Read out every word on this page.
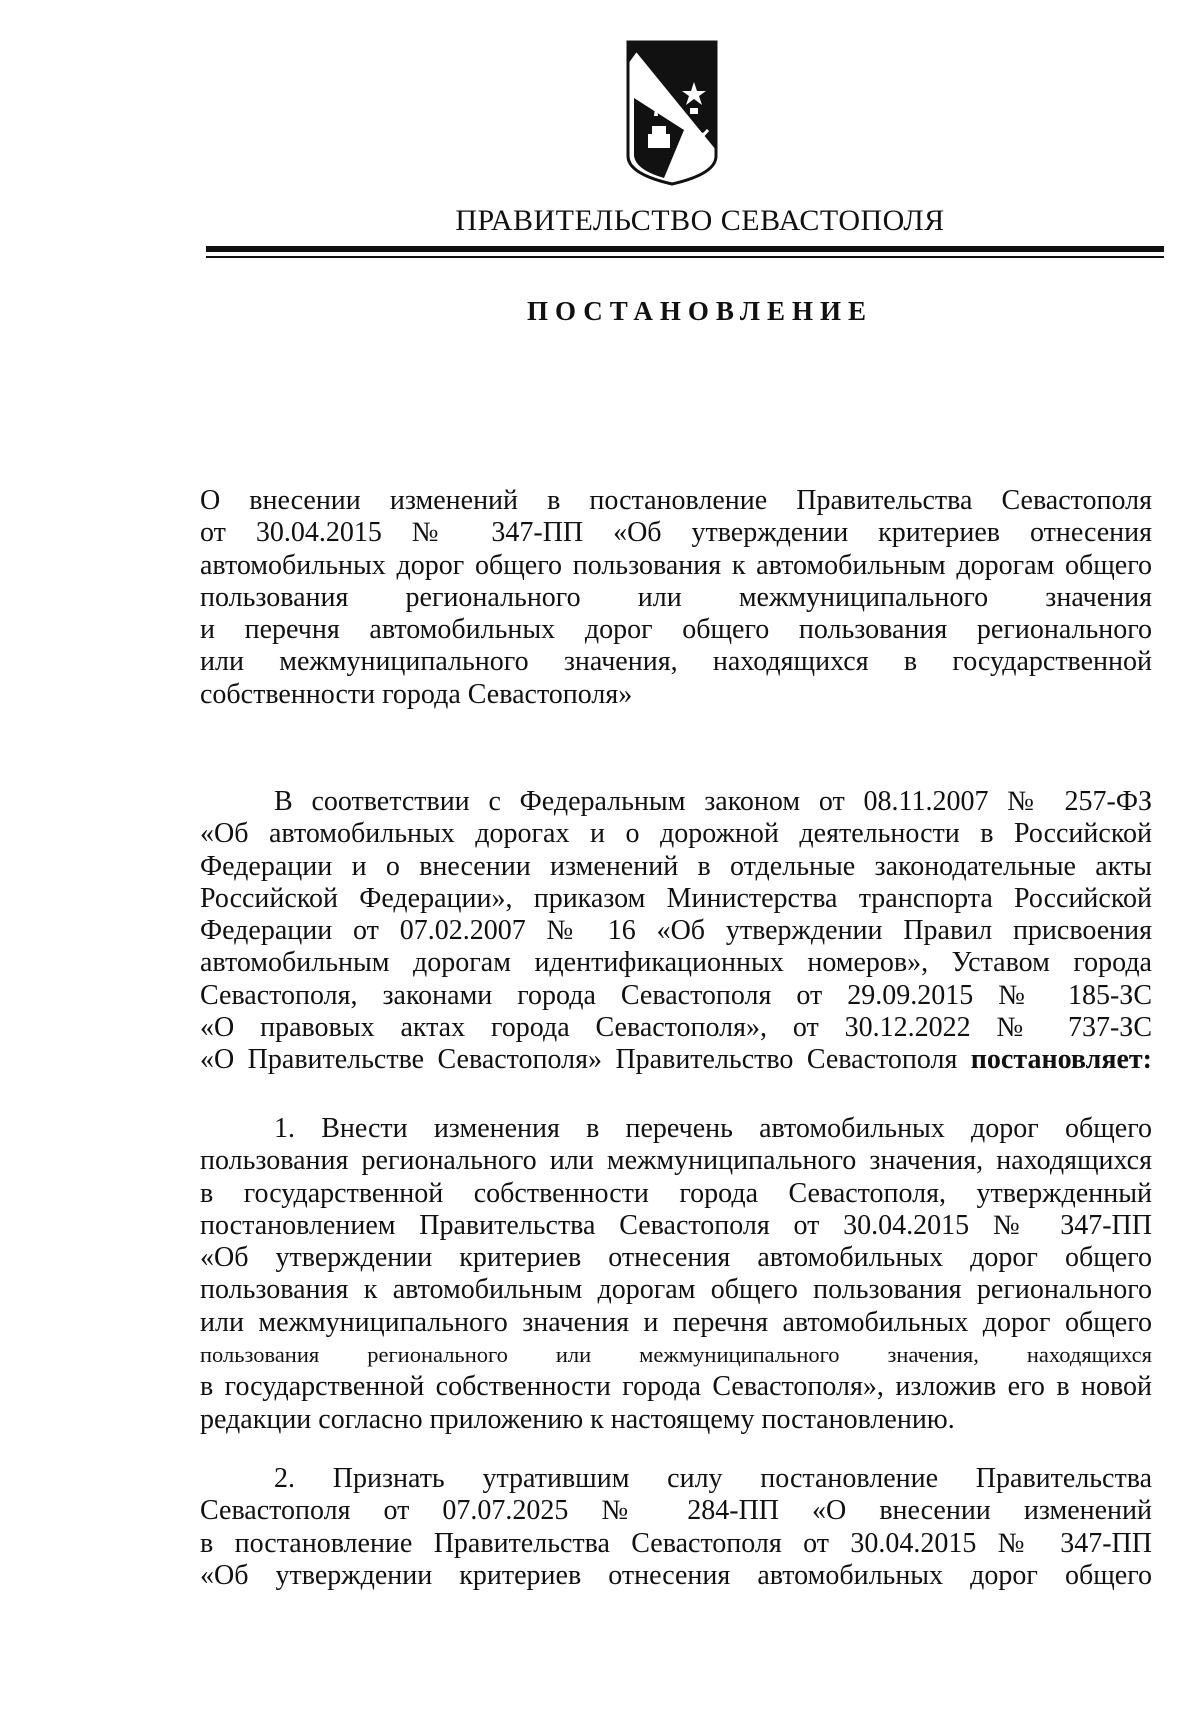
ПРАВИТЕЛЬСТВО СЕВАСТОПОЛЯ
ПОСТАНОВЛЕНИЕ
О внесении изменений в постановление Правительства Севастополя
от 30.04.2015 № 347-ПП «Об утверждении критериев отнесения
автомобильных дорог общего пользования к автомобильным дорогам общего
пользования регионального или межмуниципального значения
и перечня автомобильных дорог общего пользования регионального
или межмуниципального значения, находящихся в государственной
собственности города Севастополя»
В соответствии с Федеральным законом от 08.11.2007 № 257-ФЗ
«Об автомобильных дорогах и о дорожной деятельности в Российской
Федерации и о внесении изменений в отдельные законодательные акты
Российской Федерации», приказом Министерства транспорта Российской
Федерации от 07.02.2007 № 16 «Об утверждении Правил присвоения
автомобильным дорогам идентификационных номеров», Уставом города
Севастополя, законами города Севастополя от 29.09.2015 № 185-ЗС
«О правовых актах города Севастополя», от 30.12.2022 № 737-ЗС
«О Правительстве Севастополя» Правительство Севастополя постановляет:
1. Внести изменения в перечень автомобильных дорог общего
пользования регионального или межмуниципального значения, находящихся
в государственной собственности города Севастополя, утвержденный
постановлением Правительства Севастополя от 30.04.2015 № 347-ПП
«Об утверждении критериев отнесения автомобильных дорог общего
пользования к автомобильным дорогам общего пользования регионального
или межмуниципального значения и перечня автомобильных дорог общего
пользования регионального или межмуниципального значения, находящихся
в государственной собственности города Севастополя», изложив его в новой
редакции согласно приложению к настоящему постановлению.
2. Признать утратившим силу постановление Правительства
Севастополя от 07.07.2025 № 284-ПП «О внесении изменений
в постановление Правительства Севастополя от 30.04.2015 № 347-ПП
«Об утверждении критериев отнесения автомобильных дорог общего
